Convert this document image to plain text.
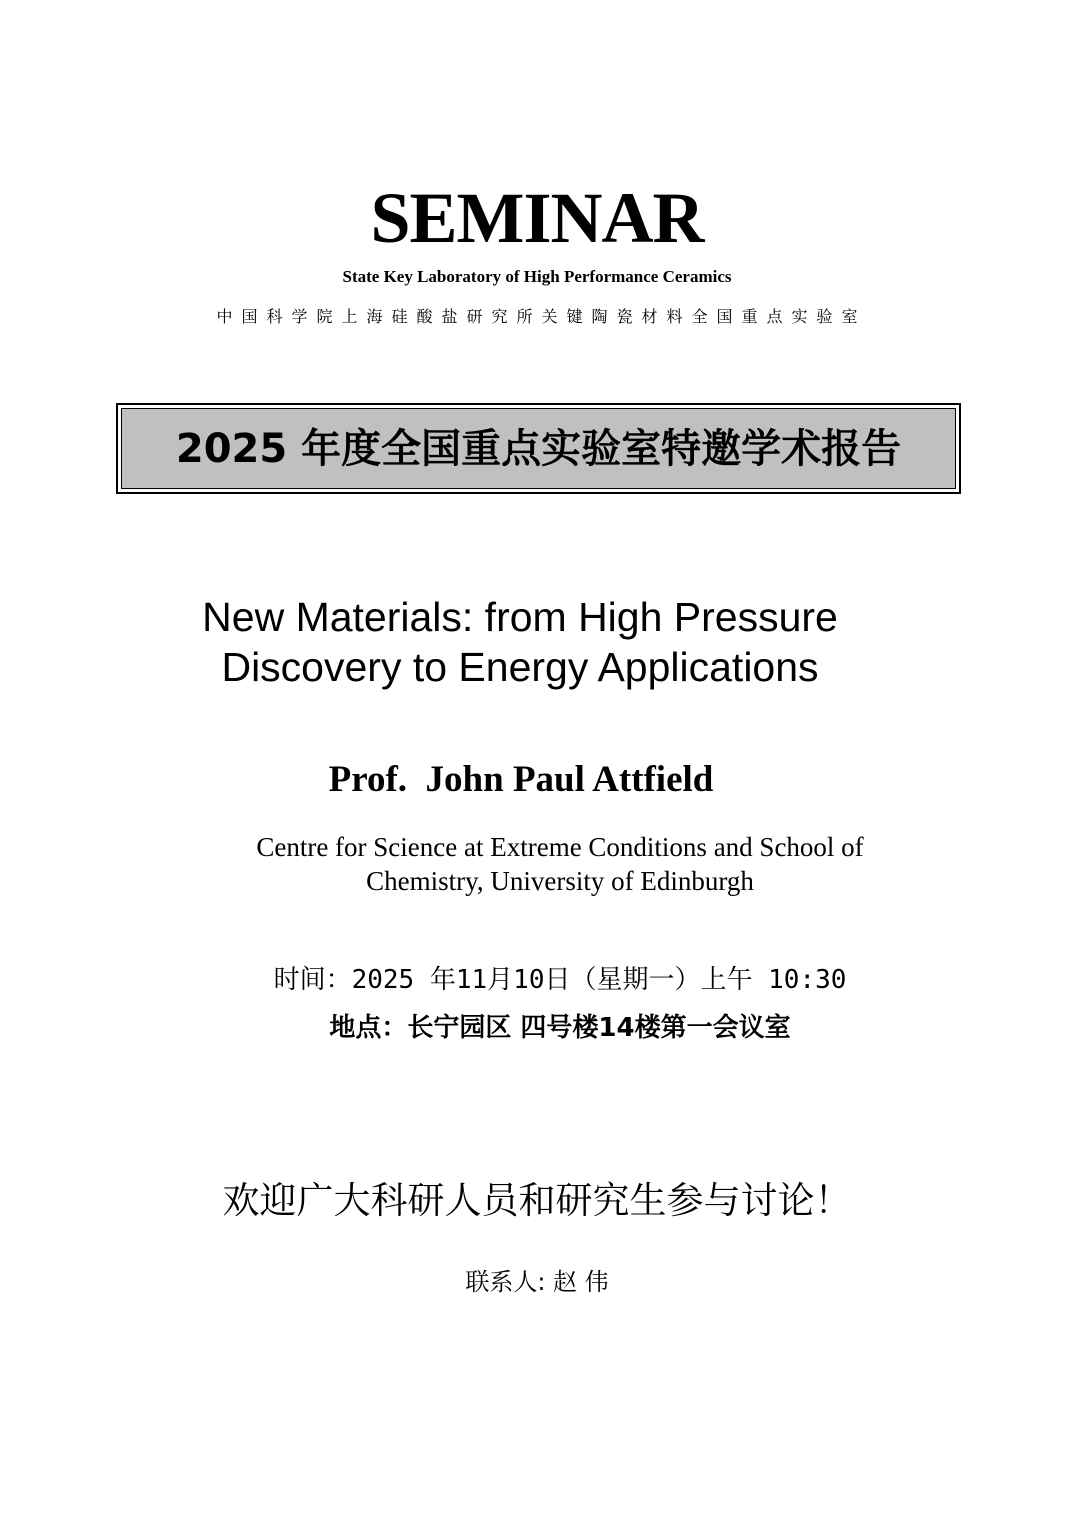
SEMINAR
State Key Laboratory of High Performance Ceramics
中国科学院上海硅酸盐研究所关键陶瓷材料全国重点实验室
2025 年度全国重点实验室特邀学术报告
New Materials: from High Pressure
Discovery to Energy Applications
Prof.  John Paul Attfield
Centre for Science at Extreme Conditions and School of
Chemistry, University of Edinburgh
时间：2025 年11月10日（星期一）上午 10:30
地点：长宁园区 四号楼14楼第一会议室
欢迎广大科研人员和研究生参与讨论！
联系人: 赵 伟
